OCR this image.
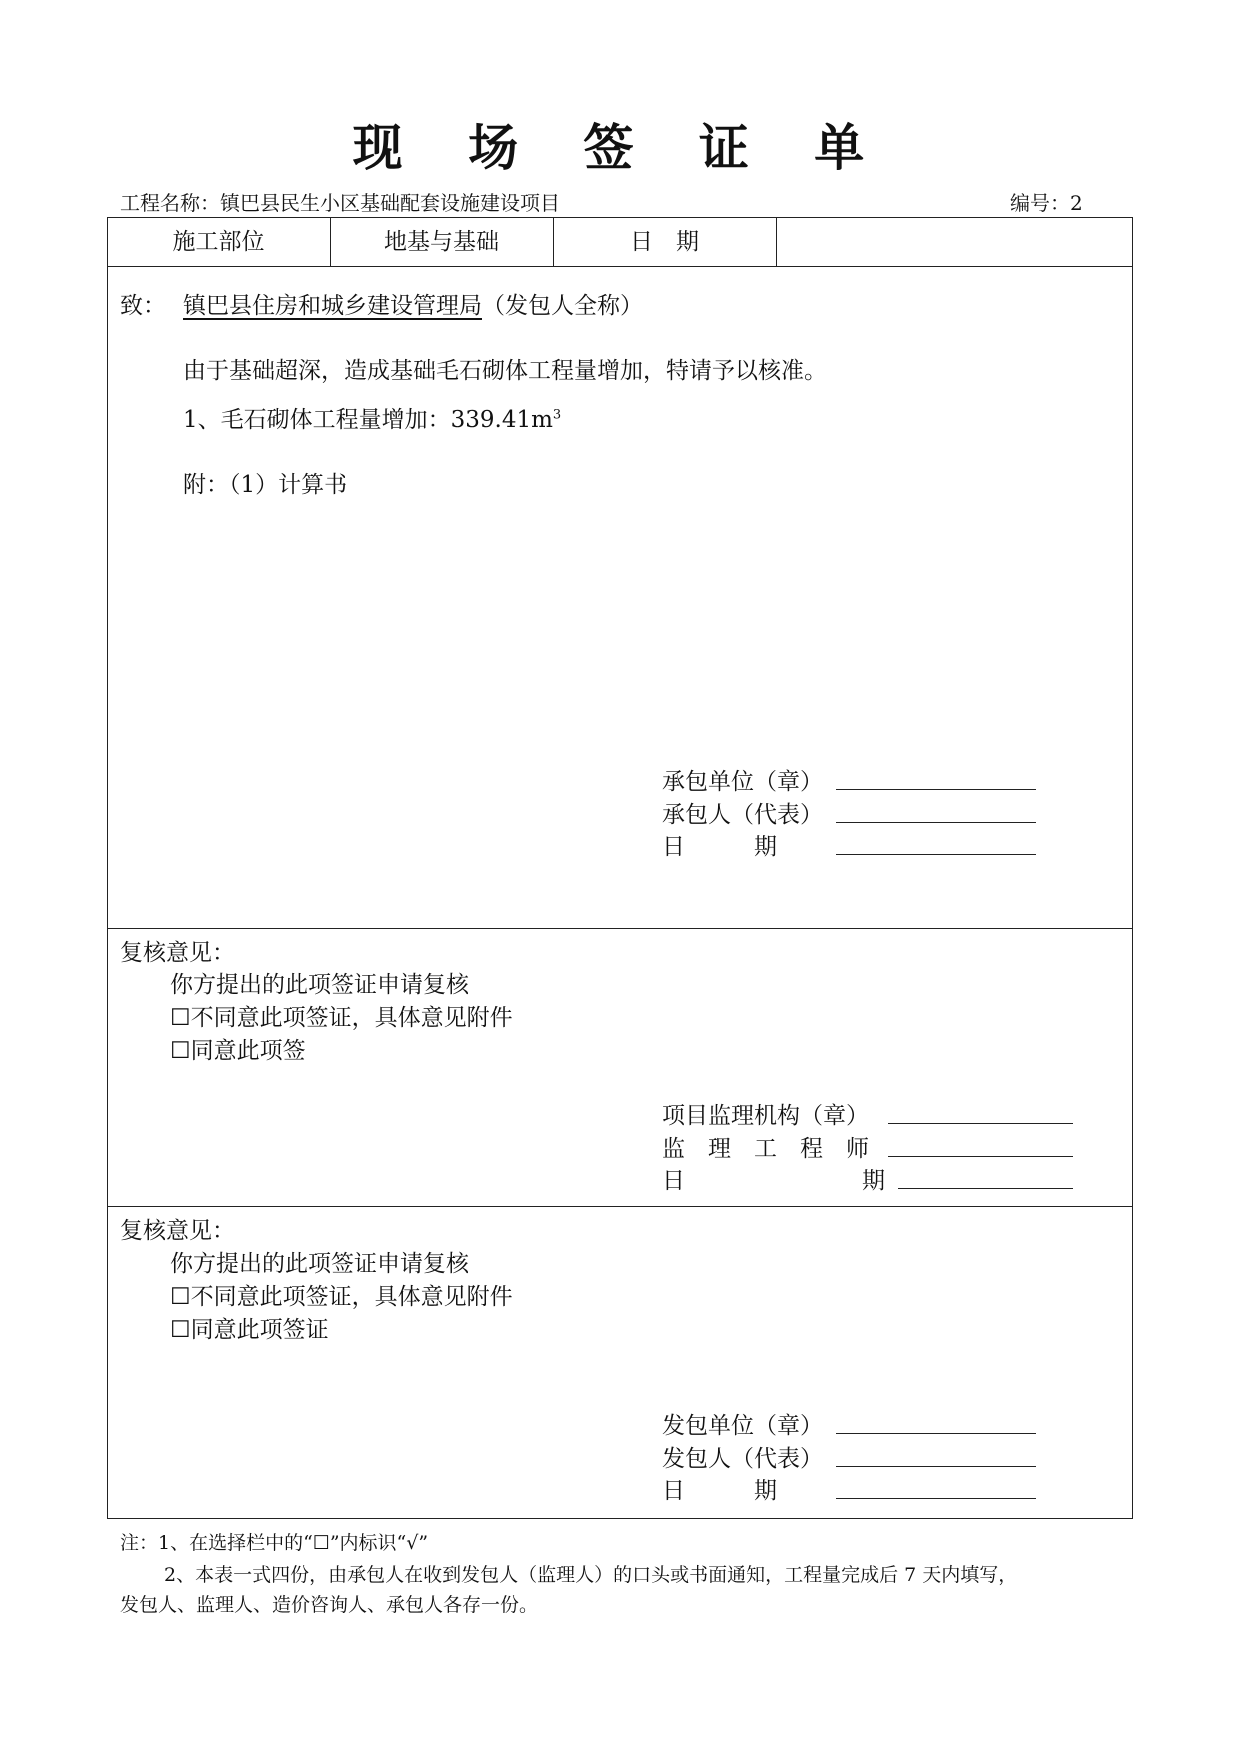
现 场 签 证 单
工程名称：镇巴县民生小区基础配套设施建设项目	编号：2
施工部位	地基与基础	日　期
致： 镇巴县住房和城乡建设管理局（发包人全称）
由于基础超深，造成基础毛石砌体工程量增加，特请予以核准。
1、毛石砌体工程量增加：$339.41m^3$
附：（1）计算书
承包单位（章）
承包人（代表）
日　　　期
复核意见：
你方提出的此项签证申请复核
☐不同意此项签证，具体意见附件
☐同意此项签
项目监理机构（章）
监　理　工　程　师
日	期
复核意见：
你方提出的此项签证申请复核
☐不同意此项签证，具体意见附件
☐同意此项签证
发包单位（章）
发包人（代表）
日　　　期
注：1、在选择栏中的“☐”内标识“√”
2、本表一式四份，由承包人在收到发包人（监理人）的口头或书面通知，工程量完成后 7 天内填写，
发包人、监理人、造价咨询人、承包人各存一份。
